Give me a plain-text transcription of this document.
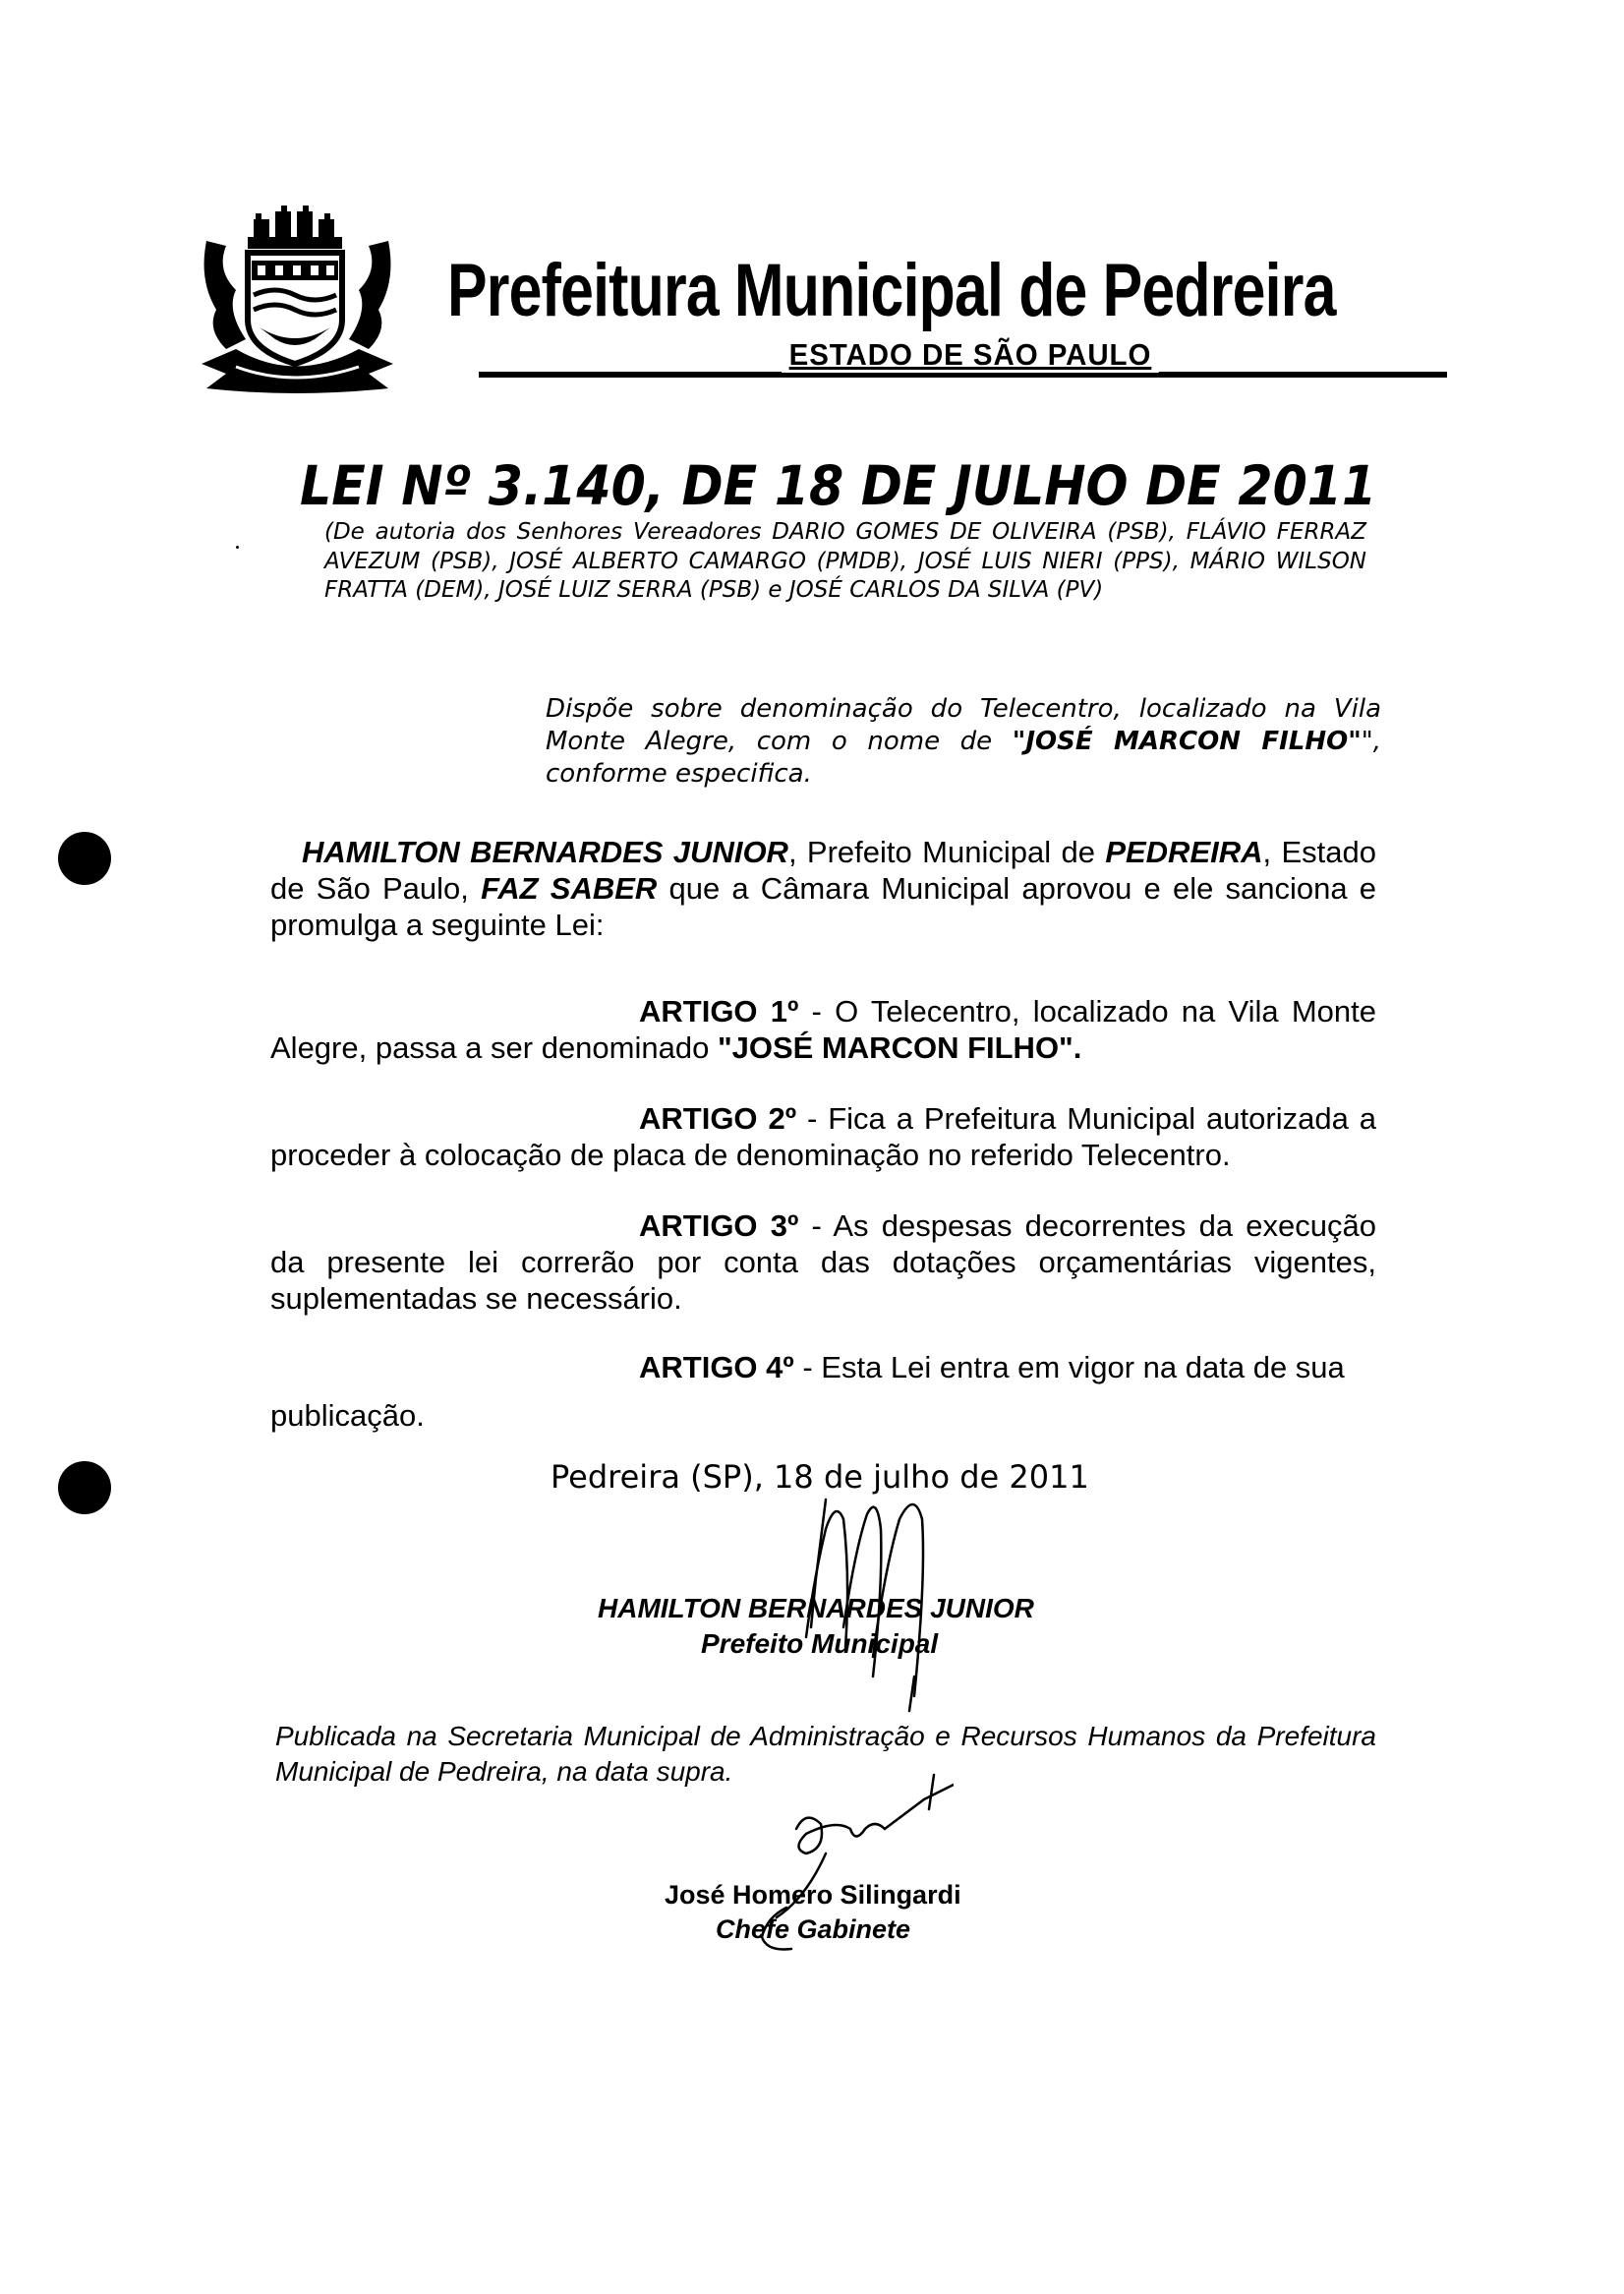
Prefeitura Municipal de Pedreira
ESTADO DE SÃO PAULO
LEI Nº 3.140, DE 18 DE JULHO DE 2011
(De autoria dos Senhores Vereadores DARIO GOMES DE OLIVEIRA (PSB), FLÁVIO FERRAZ AVEZUM (PSB), JOSÉ ALBERTO CAMARGO (PMDB), JOSÉ LUIS NIERI (PPS), MÁRIO WILSON FRATTA (DEM), JOSÉ LUIZ SERRA (PSB) e JOSÉ CARLOS DA SILVA (PV)
Dispõe sobre denominação do Telecentro, localizado na Vila Monte Alegre, com o nome de "JOSÉ MARCON FILHO"", conforme especifica.
HAMILTON BERNARDES JUNIOR, Prefeito Municipal de PEDREIRA, Estado de São Paulo, FAZ SABER que a Câmara Municipal aprovou e ele sanciona e promulga a seguinte Lei:
ARTIGO 1º - O Telecentro, localizado na Vila Monte Alegre, passa a ser denominado "JOSÉ MARCON FILHO".
ARTIGO 2º - Fica a Prefeitura Municipal autorizada a proceder à colocação de placa de denominação no referido Telecentro.
ARTIGO 3º - As despesas decorrentes da execução da presente lei correrão por conta das dotações orçamentárias vigentes, suplementadas se necessário.
ARTIGO 4º - Esta Lei entra em vigor na data de sua
publicação.
Pedreira (SP), 18 de julho de 2011
HAMILTON BERNARDES JUNIOR
Prefeito Municipal
Publicada na Secretaria Municipal de Administração e Recursos Humanos da Prefeitura Municipal de Pedreira, na data supra.
José Homero Silingardi
Chefe Gabinete
